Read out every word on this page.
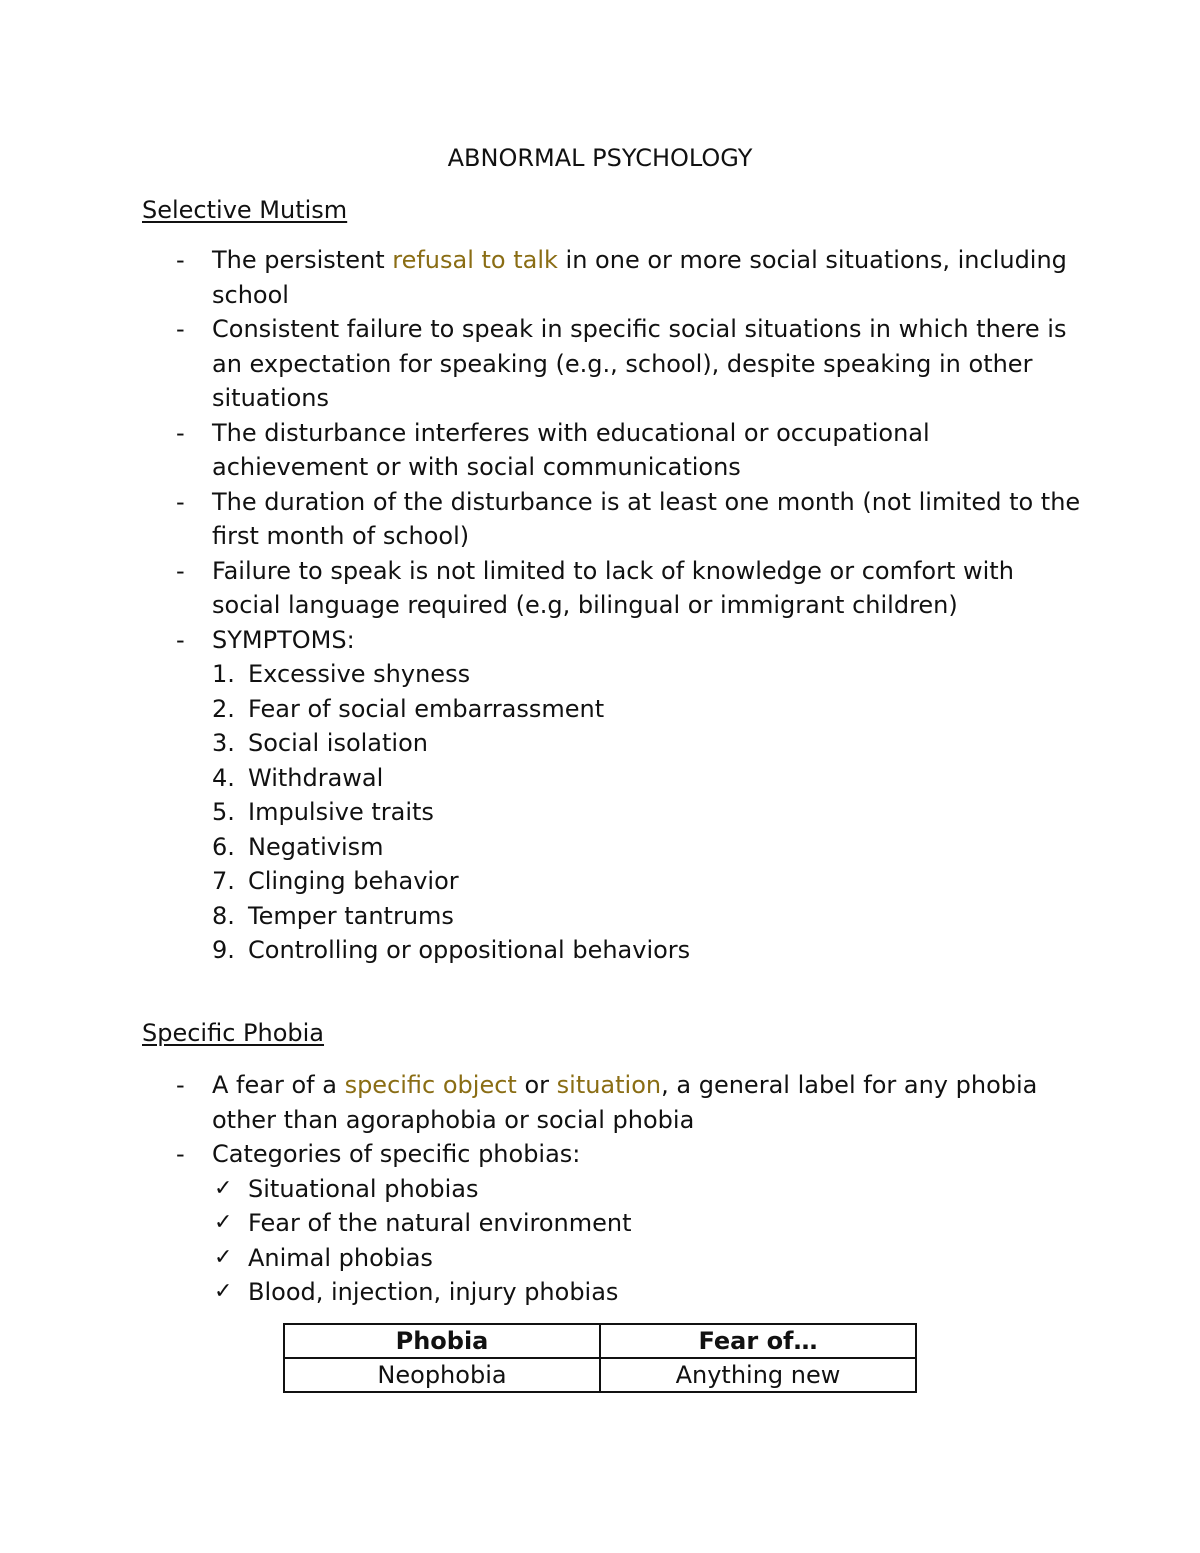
ABNORMAL PSYCHOLOGY
Selective Mutism
- The persistent refusal to talk in one or more social situations, including school
- Consistent failure to speak in specific social situations in which there is an expectation for speaking (e.g., school), despite speaking in other situations
- The disturbance interferes with educational or occupational achievement or with social communications
- The duration of the disturbance is at least one month (not limited to the first month of school)
- Failure to speak is not limited to lack of knowledge or comfort with social language required (e.g, bilingual or immigrant children)
- SYMPTOMS:
1. Excessive shyness
2. Fear of social embarrassment
3. Social isolation
4. Withdrawal
5. Impulsive traits
6. Negativism
7. Clinging behavior
8. Temper tantrums
9. Controlling or oppositional behaviors
Specific Phobia
- A fear of a specific object or situation, a general label for any phobia other than agoraphobia or social phobia
- Categories of specific phobias:
✓ Situational phobias
✓ Fear of the natural environment
✓ Animal phobias
✓ Blood, injection, injury phobias
Phobia	Fear of…
Neophobia	Anything new
